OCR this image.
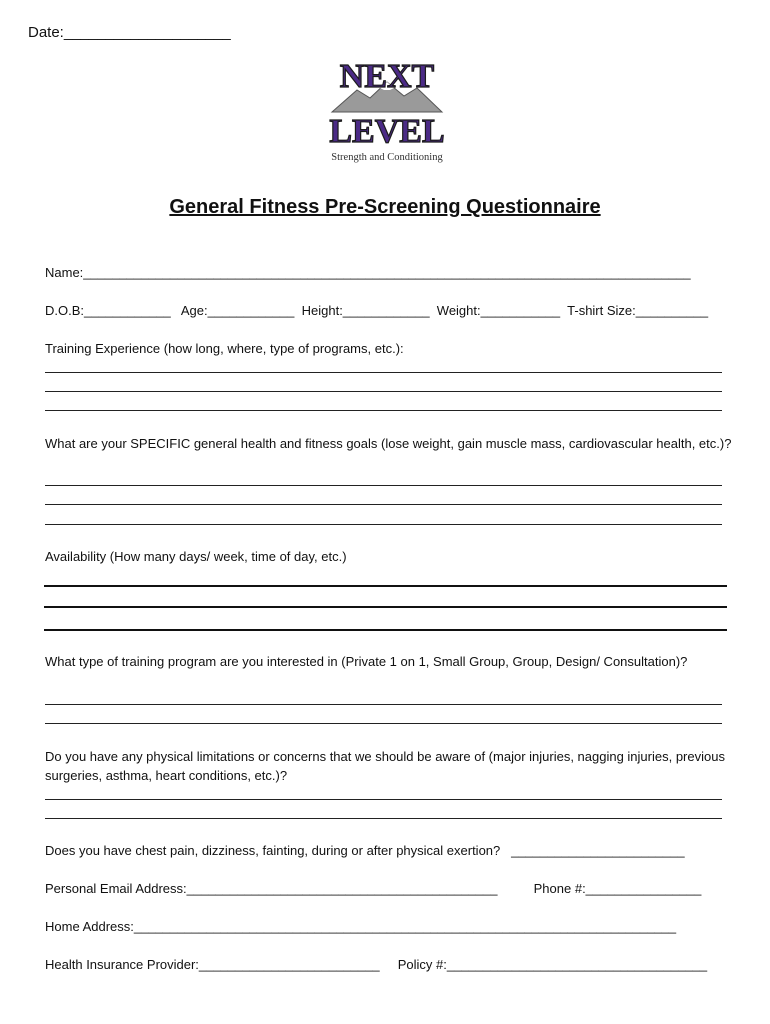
Date:____________________
NEXT
LEVEL
Strength and Conditioning
General Fitness Pre-Screening Questionnaire
Name:____________________________________________________________________________________
D.O.B:____________   Age:____________  Height:____________  Weight:___________  T-shirt Size:__________
Training Experience (how long, where, type of programs, etc.):
What are your SPECIFIC general health and fitness goals (lose weight, gain muscle mass, cardiovascular health, etc.)?
Availability (How many days/ week, time of day, etc.)
What type of training program are you interested in (Private 1 on 1, Small Group, Group, Design/ Consultation)?
Do you have any physical limitations or concerns that we should be aware of (major injuries, nagging injuries, previous surgeries, asthma, heart conditions, etc.)?
Does you have chest pain, dizziness, fainting, during or after physical exertion?   ________________________
Personal Email Address:___________________________________________          Phone #:________________
Home Address:___________________________________________________________________________
Health Insurance Provider:_________________________     Policy #:____________________________________
